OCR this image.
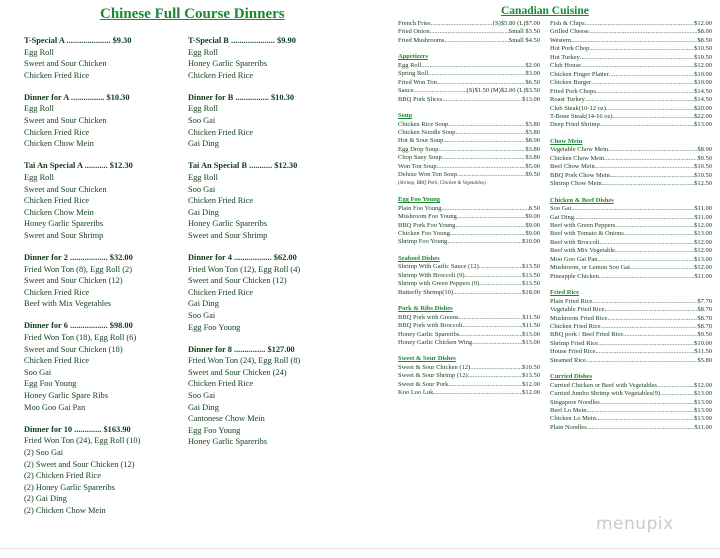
Chinese Full Course Dinners	Canadian Cuisine
T-Special A ..................... $9.30
Egg Roll
Sweet and Sour Chicken
Chicken Fried Rice
Dinner for A ................ $10.30
Egg Roll
Sweet and Sour Chicken
Chicken Fried Rice
Chicken Chow Mein
Tai An Special A ........... $12.30
Egg Roll
Sweet and Sour Chicken
Chicken Fried Rice
Chicken Chow Mein
Honey Garlic Spareribs
Sweet and Sour Shrimp
Dinner for 2 .................. $32.00
Fried Won Ton (8), Egg Roll (2)
Sweet and Sour Chicken (12)
Chicken Fried Rice
Beef with Mix Vegetables
Dinner for 6 .................. $98.00
Fried Won Ton (18), Egg Roll (6)
Sweet and Sour Chicken (18)
Chicken Fried Rice
Soo Gai
Egg Foo Young
Honey Garlic Spare Ribs
Moo Goo Gai Pan
Dinner for 10 ............. $163.90
Fried Won Ton (24), Egg Roll (10)
(2) Soo Gai
(2) Sweet and Sour Chicken (12)
(2) Chicken Fried Rice
(2) Honey Garlic Spareribs
(2) Gai Ding
(2) Chicken Chow Mein
T-Special B ..................... $9.90
Egg Roll
Honey Garlic Spareribs
Chicken Fried Rice
Dinner for B ................ $10.30
Egg Roll
Soo Gai
Chicken Fried Rice
Gai Ding
Tai An Special B ........... $12.30
Egg Roll
Soo Gai
Chicken Fried Rice
Gai Ding
Honey Garlic Spareribs
Sweet and Sour Shrimp
Dinner for 4 .................. $62.00
Fried Won Ton (12), Egg Roll (4)
Sweet and Sour Chicken (12)
Chicken Fried Rice
Gai Ding
Soo Gai
Egg Foo Young
Dinner for 8 ............... $127.00
Fried Won Ton (24), Egg Roll (8)
Sweet and Sour Chicken (24)
Chicken Fried Rice
Soo Gai
Gai Ding
Cantonese Chow Mein
Egg Foo Young
Honey Garlic Spareribs
French Fries .....	(S)$5.80 (L)$7.00
Fried Onion .....	Small $3.50
Fried Mushrooms .....	Small $4.50
Appetizers
Egg Roll .....	$2.00
Spring Roll .....	$3.00
Fried Won Ton .....	$6.50
Sauce .....	(S)$1.50 (M)$2.00 (L)$3.50
BBQ Pork Slices .....	$13.00
Soup
Chicken Rice Soup .....	$3.80
Chicken Noodle Soup .....	$3.80
Hot & Sour Soup .....	$8.00
Egg Drop Soup .....	$3.80
Chop Suey Soup .....	$3.80
Won Ton Soup .....	$5.00
Deluxe Won Ton Soup .....	$9.50
(Shrimp, BBQ Pork, Chicken & Vegetables)
Egg Foo Young
Plain Foo Young .....	8.50
Mushroom Foo Young .....	$9.00
BBQ Pork Foo Young .....	$9.00
Chicken Foo Young .....	$9.00
Shrimp Foo Young .....	$10.00
Seafood Dishes
Shrimp With Garlic Sauce (12) .....	$13.50
Shrimp With Broccoli (9) .....	$13.50
Shrimp with Green Peppers (9) .....	$13.50
Butterfly Shrimp(10) .....	$18.00
Pork & Ribs Dishes
BBQ Pork with Greens .....	$11.50
BBQ Pork with Broccoli .....	$11.50
Honey Garlic Spareribs .....	$13.00
Honey Garlic Chicken Wing .....	$13.00
Sweet & Sour Dishes
Sweet & Sour Chicken (12) .....	$10.50
Sweet & Sour Shrimp (12) .....	$13.50
Sweet & Sour Pork .....	$12.00
Koo Loo Luk .....	$12.00
Fish & Chips .....	$12.00
Grilled Cheese .....	$8.00
Western .....	$8.50
Hot Pork Chop .....	$10.50
Hot Turkey .....	$10.50
Club House .....	$12.00
Chicken Finger Platter .....	$10.00
Chicken Burger .....	$10.00
Fried Pork Chops .....	$14.50
Roast Turkey .....	$14.50
Club Steak(10-12 oz) .....	$20.00
T-Bone Steak(14-16 oz) .....	$22.00
Deep Fried Shrimp .....	$13.00
Chow Mein
Vegetable Chow Mein .....	$8.90
Chicken Chow Mein .....	$9.50
Beef Chow Mein .....	$10.50
BBQ Pork Chow Mein .....	$10.50
Shrimp Chow Mein .....	$12.50
Chicken & Beef Dishes
Soo Gai .....	$11.00
Gai Ding .....	$11.00
Beef with Green Peppers .....	$12.00
Beef with Tomato & Onions .....	$13.00
Beef with Broccoli .....	$12.00
Beef with Mix Vegetable .....	$12.00
Moo Goo Gai Pan .....	$13.00
Mushroom, or Lemon Soo Gai .....	$12.00
Pineapple Chicken .....	$11.00
Fried Rice
Plain Fried Rice .....	$7.70
Vegetable Fried Rice .....	$8.70
Mushroom Fried Rice .....	$8.70
Chicken Fried Rice .....	$8.70
BBQ pork / Beef Fried Rice .....	$9.50
Shrimp Fried Rice .....	$10.00
House Fried Rice .....	$11.50
Steamed Rice .....	$5.80
Curried Dishes
Curried Chicken or Beef with Vegetables .....	$12.00
Curried Jumbo Shrimp with Vegetables(9) .....	$13.00
Singapore Noodles .....	$13.00
Beef Lo Mein .....	$13.00
Chicken Lo Mein .....	$13.00
Plain Noodles .....	$11.00
menupix
